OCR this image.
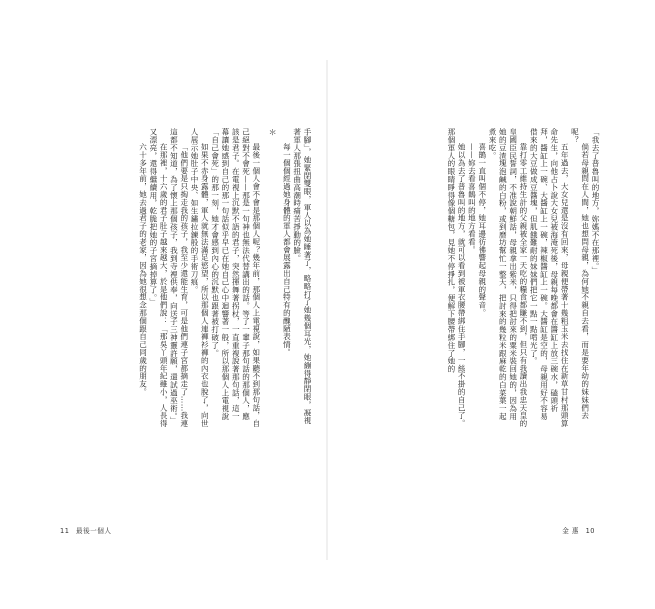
手腳」，她緊閉雙眼，軍人以為她睡著了，略略打了她幾個耳光，她繃得靜閉眼，凝視著軍人那張扭曲高潮時痛苦掙動的臉。

每一個個經過她身體的軍人都會展露出自己特有的醜陋表情。

＊

最後一個人會不會是那個人呢？幾年前，那個人上電視說，如果聽不到那句話，自己絕對不會死——那是一句神也無法代替講出的話。等了一輩子那句話的那個人，應該是君子。在電視上沉默不語的君子，突然揮舞著拐杖，一直重複說著那句話，這一幕讓她感到自己的那一句話似乎早已在她自己心中迴響著一般，所以那個人上電視說「自己會死」的那一刻，她才會感到內心的沉默也跟著被打破了。

如果不赤身露體，軍人就無法滿足慾望，所以那個人連褲衫褲的內衣也脫了，向世人展示她肚子中央、如生鏽拉鍊般的手術刀痕。

「他們要是只掏走我的孩子，我至少還能生育，可是他們連子宮都摘走了……我連這都不知道，為了懷上那個孩子，我到寺裡供奉，向送子三神靈許願，還試過巫術。」

在那裡，十六歲的君子肚子越來越大，於是他們說：「那吳丫頭年紀雖小，人長得又漂亮，還得繼續用，乾脆把她的子宮摘掉算了。」

六十多年前，她去過君子的老家，因為她很想念那個跟自己同歲的朋友。	「我去了普魯叫的地方，妳媽不在那裡。」

倘若母親問在人間，她也想問母親，為何她不親自去看，而是要年幼的妹妹們去呢？

五年過去，大女兒還是沒有回來，母親便帶著十幾粗玉米去找住在新草甘村那頭算命先生，向他占卜說大女兒被海淹死後，母親每晚都會在醬缸上放三碗水，磕頭祈拜，醬缸上一碗、大醬缸上一碗，辣椒醬缸上一碗。大醬缸是空的，母親用好不容易借來的大豆做成豆醬塊，但肌餓難耐的妹妹們把它一點一點啃光了。

靠打零工維持生計的父親被全家一天吃的糧食都賺不到，但只有我讀出我忠天皇的皇國臣民誓詞，不准說朝鮮話，母親拿出紫米，只得把討來的粟米裝回她的，因為用她的豆渣塊泡鹹的白粉，或到磨坊幫忙一整天，把討來的幾粒米跟麻乾的白菜葉一起煮來吃。

喜鵲一直叫個不停，她耳邊彷彿響起母親的聲音。

——妳去看喜鵲叫的地方看看。

她以為去了普魯叫的地方，就可以看到被軍衣腰帶綁住手腳，一絲不掛的自己了。

那個軍人的眼睛睜得像個糖包，見她不停掙扎，便解下腰帶綁住了她的

11 最後一個人	金 惠 10
